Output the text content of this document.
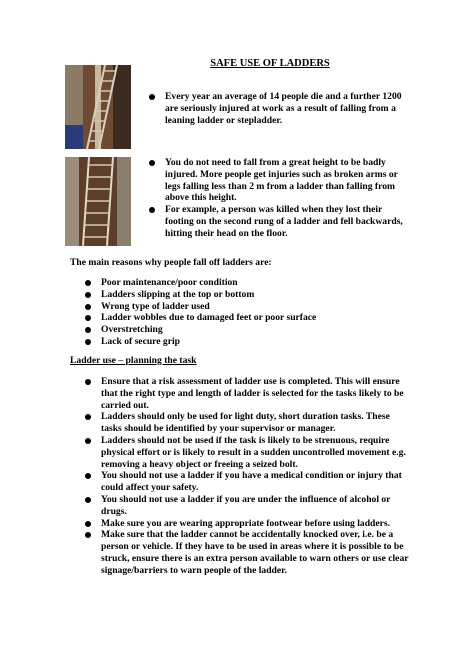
SAFE USE OF LADDERS
Every year an average of 14 people die and a further 1200 are seriously injured at work as a result of falling from a leaning ladder or stepladder.
You do not need to fall from a great height to be badly injured. More people get injuries such as broken arms or legs falling less than 2 m from a ladder than falling from above this height.
For example, a person was killed when they lost their footing on the second rung of a ladder and fell backwards, hitting their head on the floor.

The main reasons why people fall off ladders are:

Poor maintenance/poor condition
Ladders slipping at the top or bottom
Wrong type of ladder used
Ladder wobbles due to damaged feet or poor surface
Overstretching
Lack of secure grip

Ladder use – planning the task

Ensure that a risk assessment of ladder use is completed. This will ensure that the right type and length of ladder is selected for the tasks likely to be carried out.
Ladders should only be used for light duty, short duration tasks. These tasks should be identified by your supervisor or manager.
Ladders should not be used if the task is likely to be strenuous, require physical effort or is likely to result in a sudden uncontrolled movement e.g. removing a heavy object or freeing a seized bolt.
You should not use a ladder if you have a medical condition or injury that could affect your safety.
You should not use a ladder if you are under the influence of alcohol or drugs.
Make sure you are wearing appropriate footwear before using ladders.
Make sure that the ladder cannot be accidentally knocked over, i.e. be a person or vehicle. If they have to be used in areas where it is possible to be struck, ensure there is an extra person available to warn others or use clear signage/barriers to warn people of the ladder.
